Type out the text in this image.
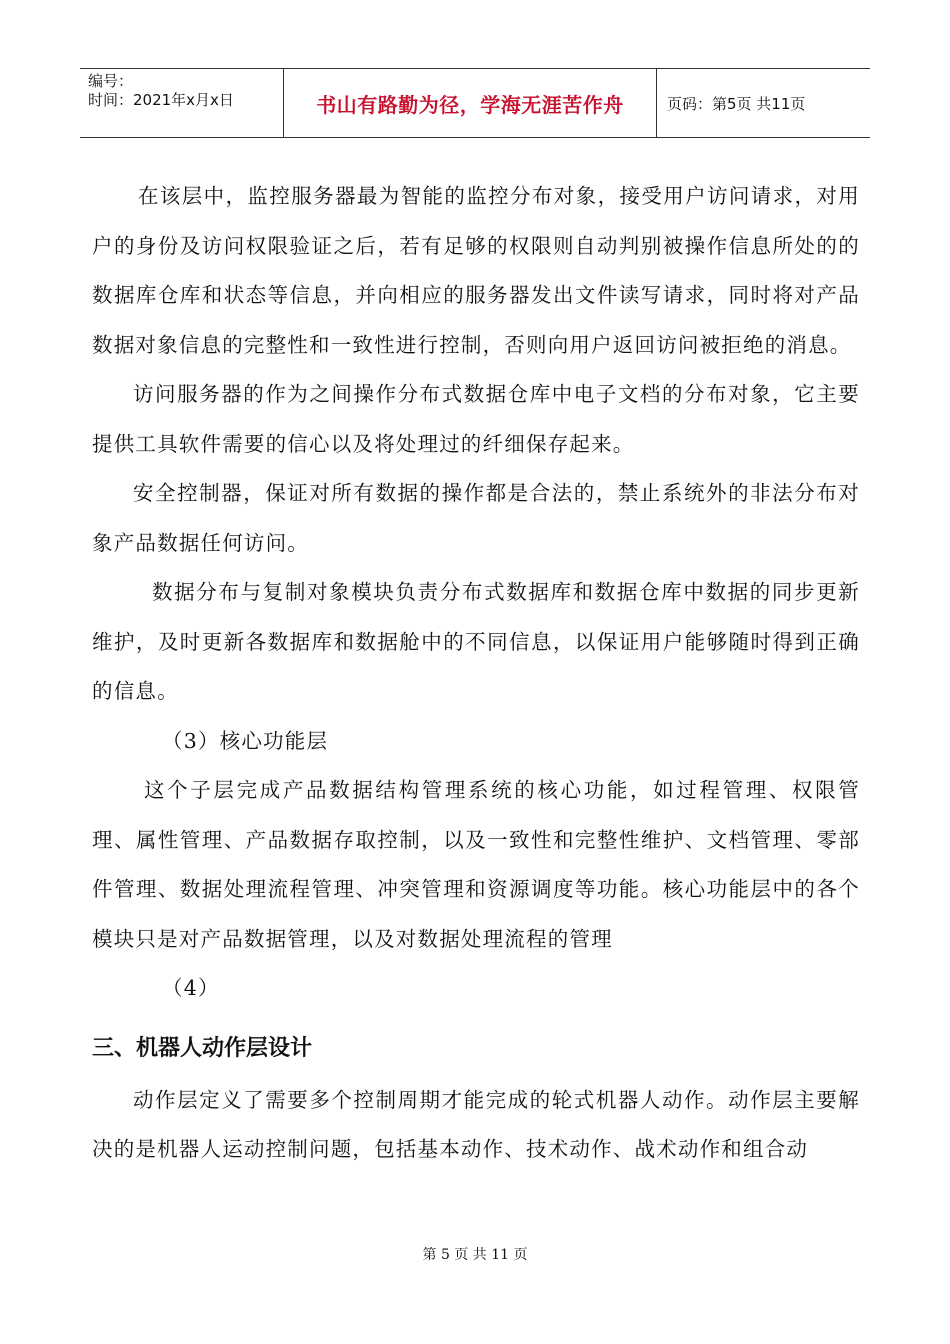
编号：
时间：2021年x月x日	书山有路勤为径，学海无涯苦作舟	页码：第5页 共11页

在该层中，监控服务器最为智能的监控分布对象，接受用户访问请求，对用户的身份及访问权限验证之后，若有足够的权限则自动判别被操作信息所处的的数据库仓库和状态等信息，并向相应的服务器发出文件读写请求，同时将对产品数据对象信息的完整性和一致性进行控制，否则向用户返回访问被拒绝的消息。

访问服务器的作为之间操作分布式数据仓库中电子文档的分布对象，它主要提供工具软件需要的信心以及将处理过的纤细保存起来。

安全控制器，保证对所有数据的操作都是合法的，禁止系统外的非法分布对象产品数据任何访问。

数据分布与复制对象模块负责分布式数据库和数据仓库中数据的同步更新维护，及时更新各数据库和数据舱中的不同信息，以保证用户能够随时得到正确的信息。

（3）核心功能层

这个子层完成产品数据结构管理系统的核心功能，如过程管理、权限管理、属性管理、产品数据存取控制，以及一致性和完整性维护、文档管理、零部件管理、数据处理流程管理、冲突管理和资源调度等功能。核心功能层中的各个模块只是对产品数据管理，以及对数据处理流程的管理

（4）

三、机器人动作层设计

动作层定义了需要多个控制周期才能完成的轮式机器人动作。动作层主要解决的是机器人运动控制问题，包括基本动作、技术动作、战术动作和组合动

第 5 页 共 11 页
